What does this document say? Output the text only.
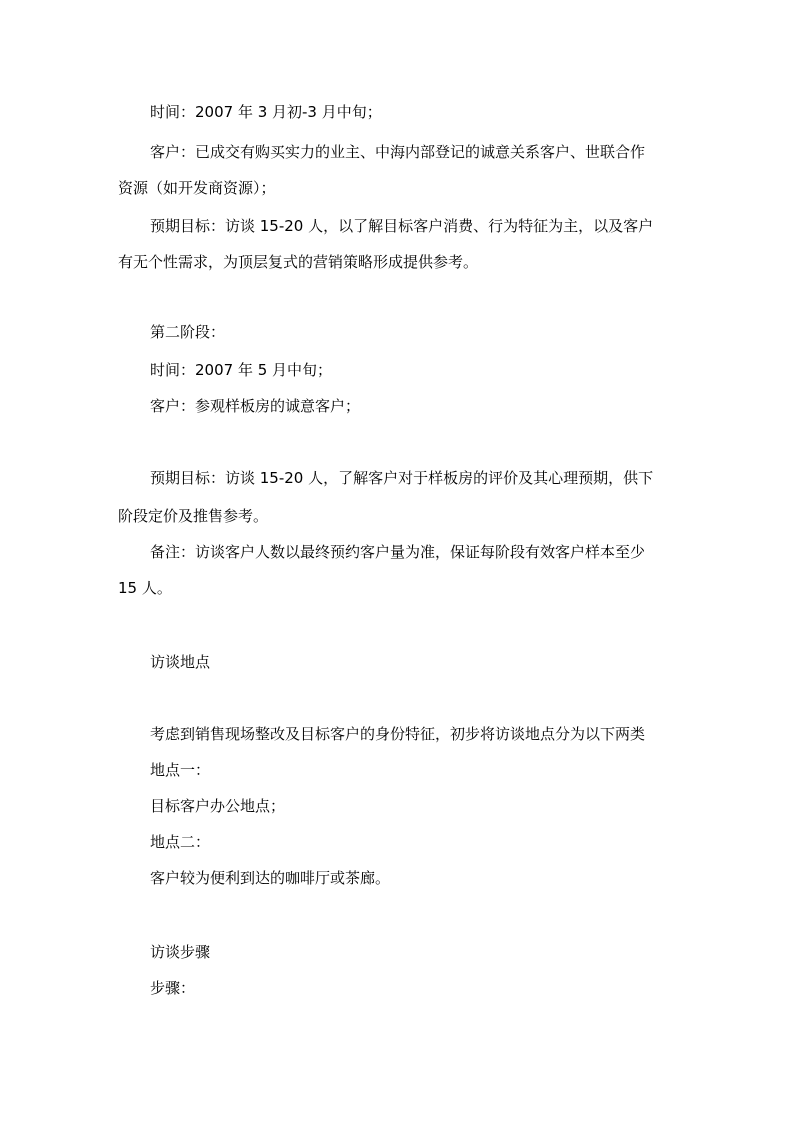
时间：2007 年 3 月初-3 月中旬；
客户：已成交有购买实力的业主、中海内部登记的诚意关系客户、世联合作
资源（如开发商资源）；
预期目标：访谈 15-20 人，以了解目标客户消费、行为特征为主，以及客户
有无个性需求，为顶层复式的营销策略形成提供参考。
第二阶段：
时间：2007 年 5 月中旬；
客户：参观样板房的诚意客户；
预期目标：访谈 15-20 人，了解客户对于样板房的评价及其心理预期，供下
阶段定价及推售参考。
备注：访谈客户人数以最终预约客户量为准，保证每阶段有效客户样本至少
15 人。
访谈地点
考虑到销售现场整改及目标客户的身份特征，初步将访谈地点分为以下两类
地点一：
目标客户办公地点；
地点二：
客户较为便利到达的咖啡厅或茶廊。
访谈步骤
步骤：
